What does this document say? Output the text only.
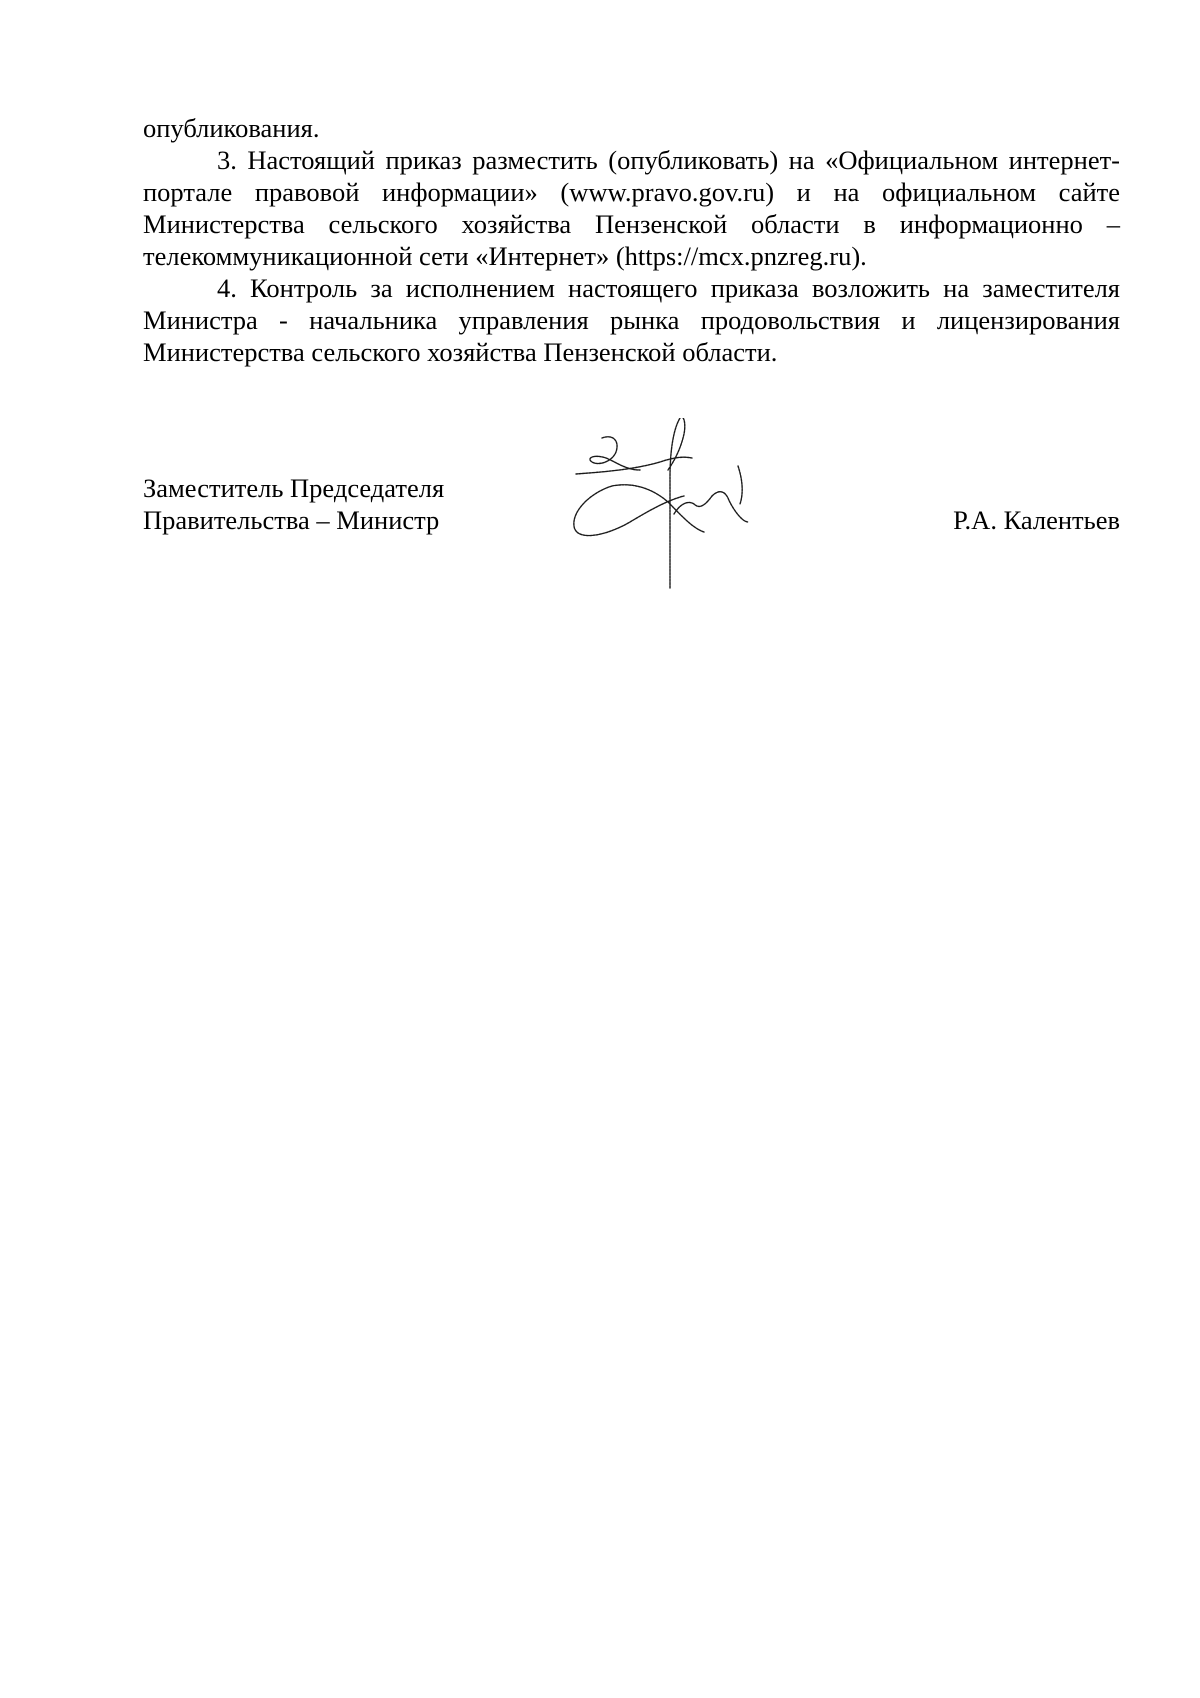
опубликования.

3. Настоящий приказ разместить (опубликовать) на «Официальном интернет-портале правовой информации» (www.pravo.gov.ru) и на официальном сайте Министерства сельского хозяйства Пензенской области в информационно – телекоммуникационной сети «Интернет» (https://mcx.pnzreg.ru).

4. Контроль за исполнением настоящего приказа возложить на заместителя Министра - начальника управления рынка продовольствия и лицензирования Министерства сельского хозяйства Пензенской области.

Заместитель Председателя
Правительства – Министр	Р.А. Калентьев
